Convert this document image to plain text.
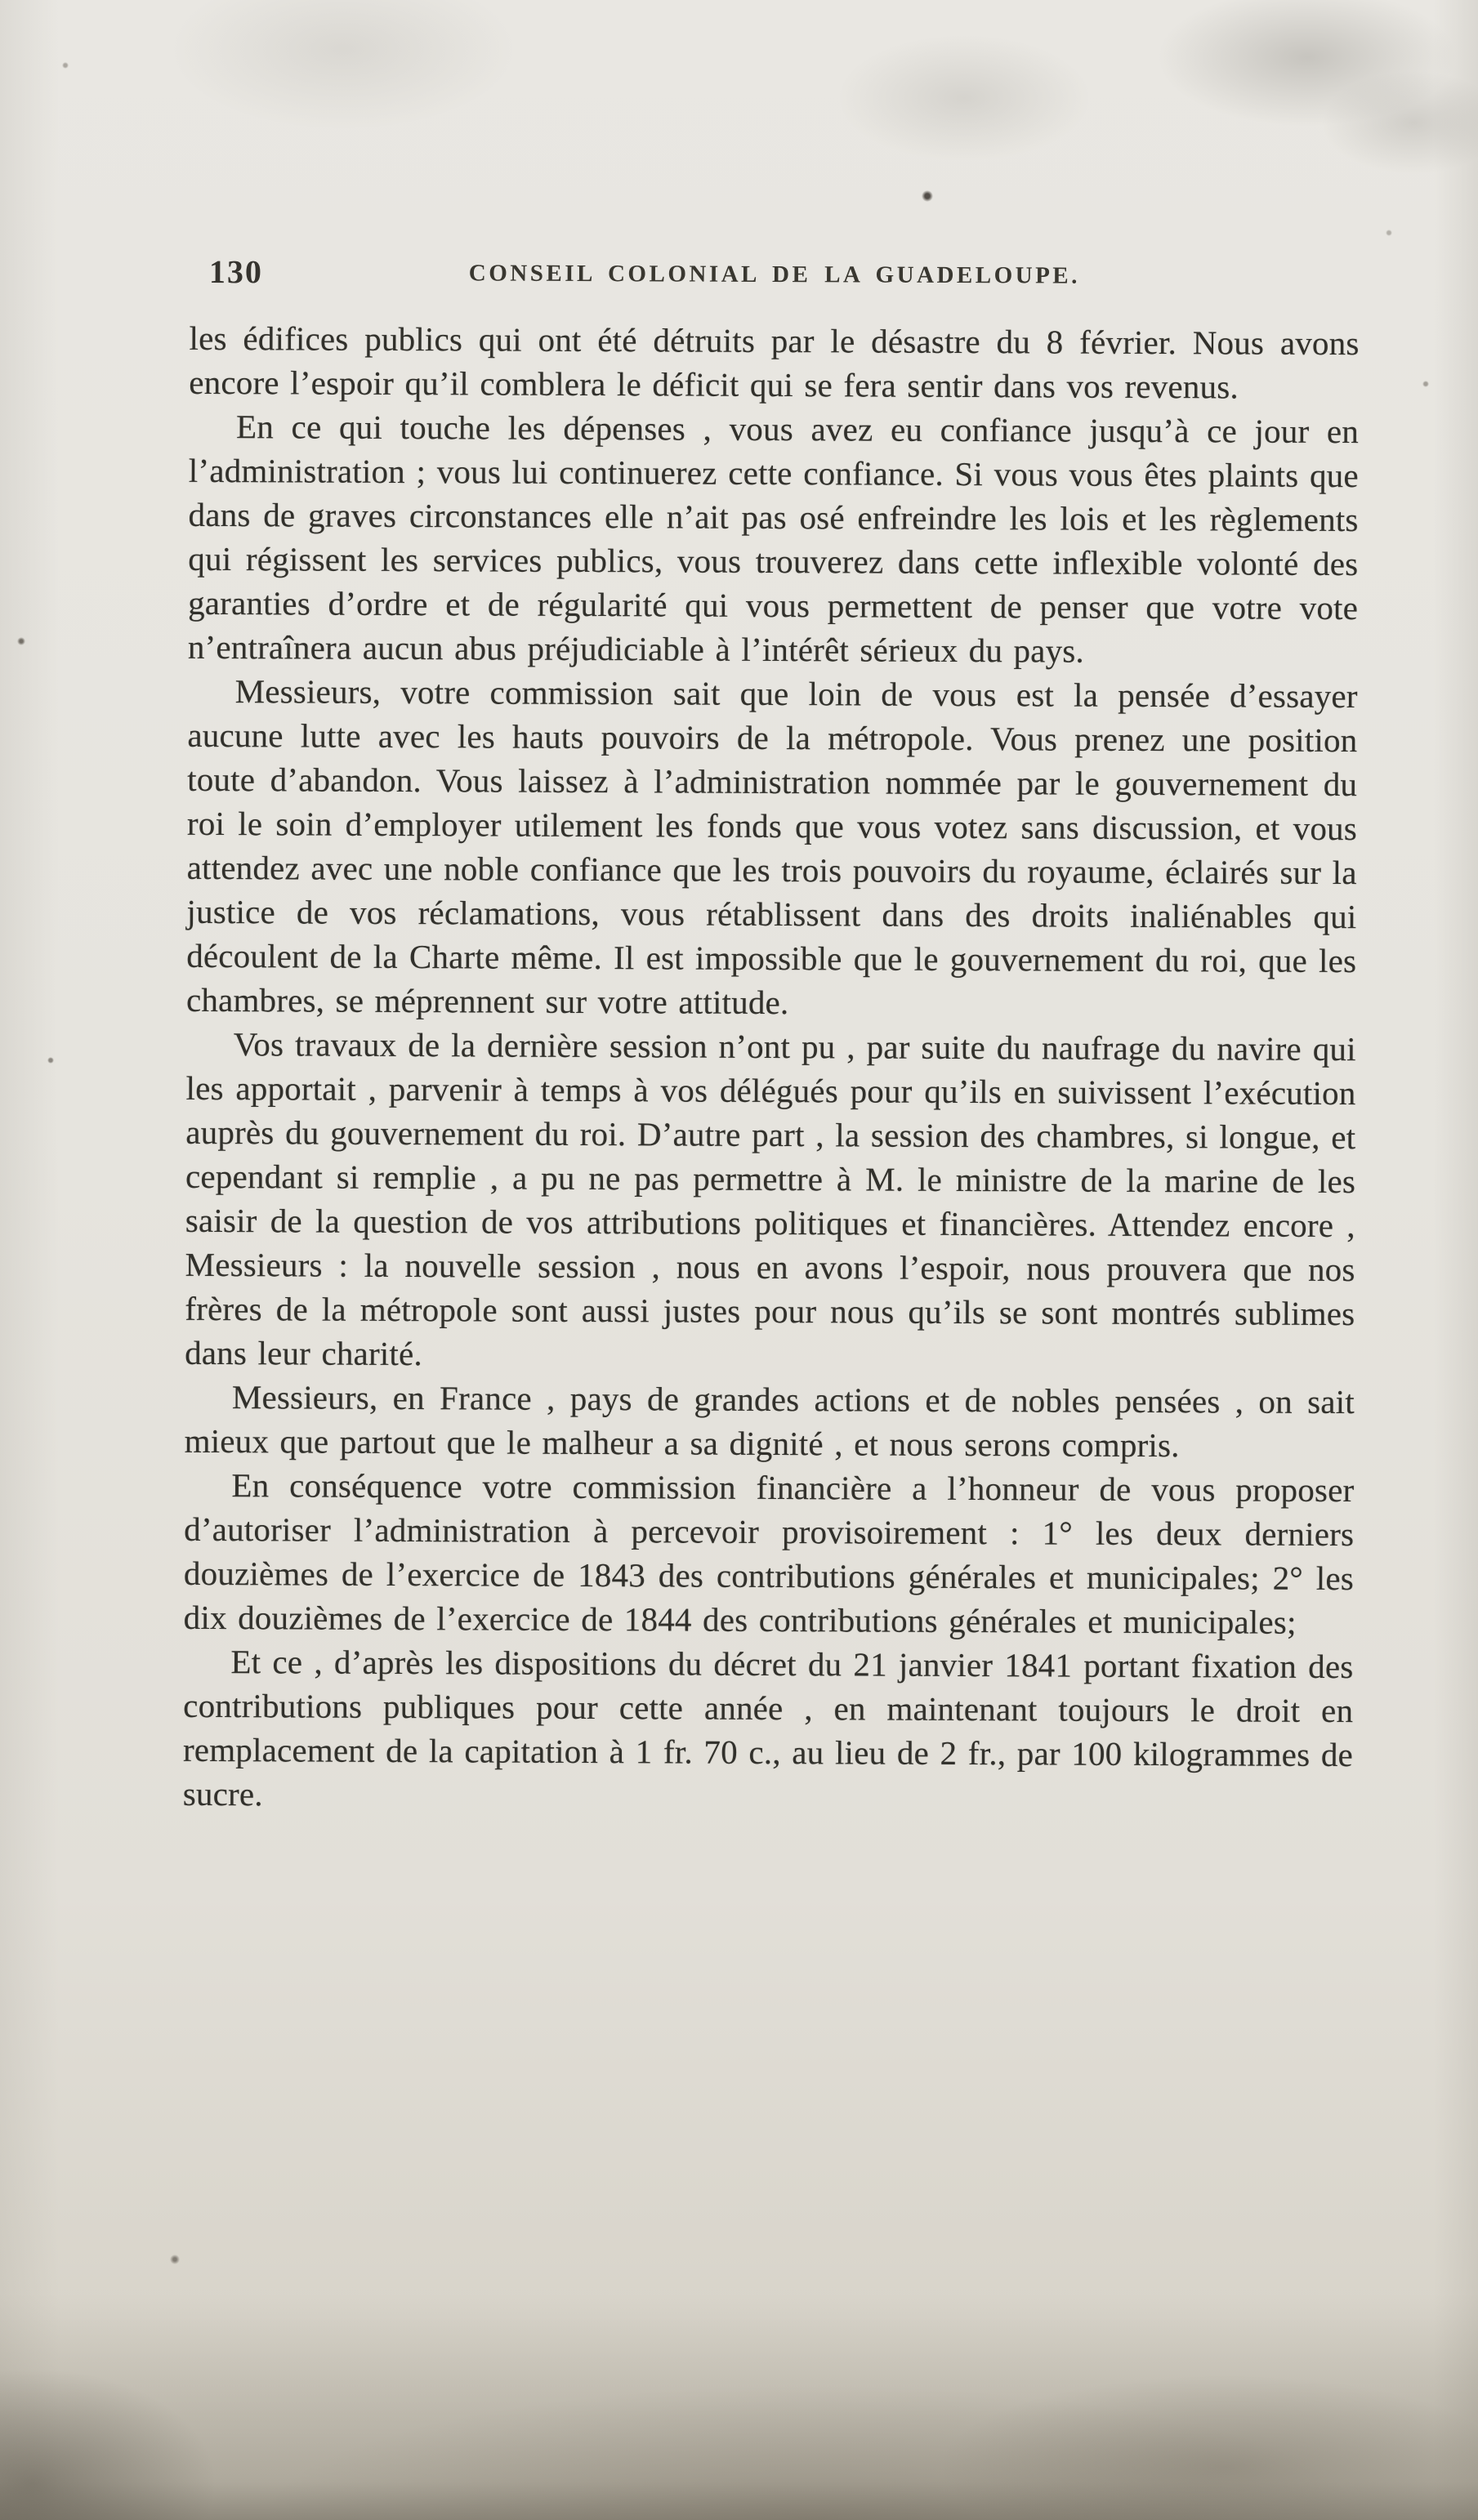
130	CONSEIL COLONIAL DE LA GUADELOUPE.

les édifices publics qui ont été détruits par le désastre du 8 février. Nous avons encore l’espoir qu’il comblera le déficit qui se fera sentir dans vos revenus.

En ce qui touche les dépenses , vous avez eu confiance jusqu’à ce jour en l’administration ; vous lui continuerez cette confiance. Si vous vous êtes plaints que dans de graves circonstances elle n’ait pas osé enfreindre les lois et les règlements qui régissent les services publics, vous trouverez dans cette inflexible volonté des garanties d’ordre et de régularité qui vous permettent de penser que votre vote n’entraînera aucun abus préjudiciable à l’intérêt sérieux du pays.

Messieurs, votre commission sait que loin de vous est la pensée d’essayer aucune lutte avec les hauts pouvoirs de la métropole. Vous prenez une position toute d’abandon. Vous laissez à l’administration nommée par le gouvernement du roi le soin d’employer utilement les fonds que vous votez sans discussion, et vous attendez avec une noble confiance que les trois pouvoirs du royaume, éclairés sur la justice de vos réclamations, vous rétablissent dans des droits inaliénables qui découlent de la Charte même. Il est impossible que le gouvernement du roi, que les chambres, se méprennent sur votre attitude.

Vos travaux de la dernière session n’ont pu , par suite du naufrage du navire qui les apportait , parvenir à temps à vos délégués pour qu’ils en suivissent l’exécution auprès du gouvernement du roi. D’autre part , la session des chambres, si longue, et cependant si remplie , a pu ne pas permettre à M. le ministre de la marine de les saisir de la question de vos attributions politiques et financières. Attendez encore , Messieurs : la nouvelle session , nous en avons l’espoir, nous prouvera que nos frères de la métropole sont aussi justes pour nous qu’ils se sont montrés sublimes dans leur charité.

Messieurs, en France , pays de grandes actions et de nobles pensées , on sait mieux que partout que le malheur a sa dignité , et nous serons compris.

En conséquence votre commission financière a l’honneur de vous proposer d’autoriser l’administration à percevoir provisoirement : 1° les deux derniers douzièmes de l’exercice de 1843 des contributions générales et municipales; 2° les dix douzièmes de l’exercice de 1844 des contributions générales et municipales;

Et ce , d’après les dispositions du décret du 21 janvier 1841 portant fixation des contributions publiques pour cette année , en maintenant toujours le droit en remplacement de la capitation à 1 fr. 70 c., au lieu de 2 fr., par 100 kilogrammes de sucre.
